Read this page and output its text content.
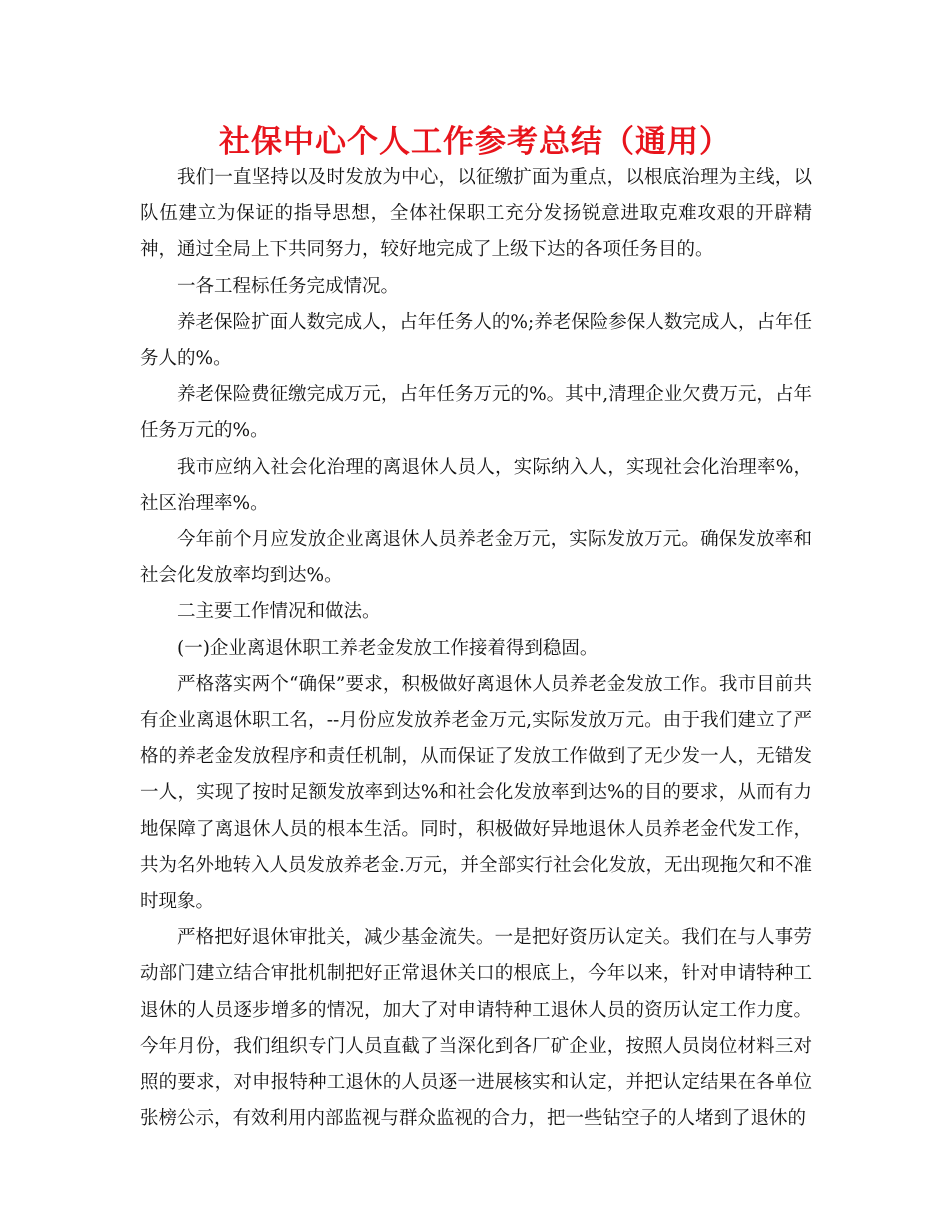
社保中心个人工作参考总结（通用）

我们一直坚持以及时发放为中心，以征缴扩面为重点，以根底治理为主线，以队伍建立为保证的指导思想，全体社保职工充分发扬锐意进取克难攻艰的开辟精神，通过全局上下共同努力，较好地完成了上级下达的各项任务目的。

一各工程标任务完成情况。

养老保险扩面人数完成人，占年任务人的%;养老保险参保人数完成人，占年任务人的%。

养老保险费征缴完成万元，占年任务万元的%。其中,清理企业欠费万元，占年任务万元的%。

我市应纳入社会化治理的离退休人员人，实际纳入人，实现社会化治理率%，社区治理率%。

今年前个月应发放企业离退休人员养老金万元，实际发放万元。确保发放率和社会化发放率均到达%。

二主要工作情况和做法。

(一)企业离退休职工养老金发放工作接着得到稳固。

严格落实两个“确保”要求，积极做好离退休人员养老金发放工作。我市目前共有企业离退休职工名，--月份应发放养老金万元,实际发放万元。由于我们建立了严格的养老金发放程序和责任机制，从而保证了发放工作做到了无少发一人，无错发一人，实现了按时足额发放率到达%和社会化发放率到达%的目的要求，从而有力地保障了离退休人员的根本生活。同时，积极做好异地退休人员养老金代发工作，共为名外地转入人员发放养老金.万元，并全部实行社会化发放，无出现拖欠和不准时现象。

严格把好退休审批关，减少基金流失。一是把好资历认定关。我们在与人事劳动部门建立结合审批机制把好正常退休关口的根底上，今年以来，针对申请特种工退休的人员逐步增多的情况，加大了对申请特种工退休人员的资历认定工作力度。今年月份，我们组织专门人员直截了当深化到各厂矿企业，按照人员岗位材料三对照的要求，对申报特种工退休的人员逐一进展核实和认定，并把认定结果在各单位张榜公示，有效利用内部监视与群众监视的合力，把一些钻空子的人堵到了退休的
